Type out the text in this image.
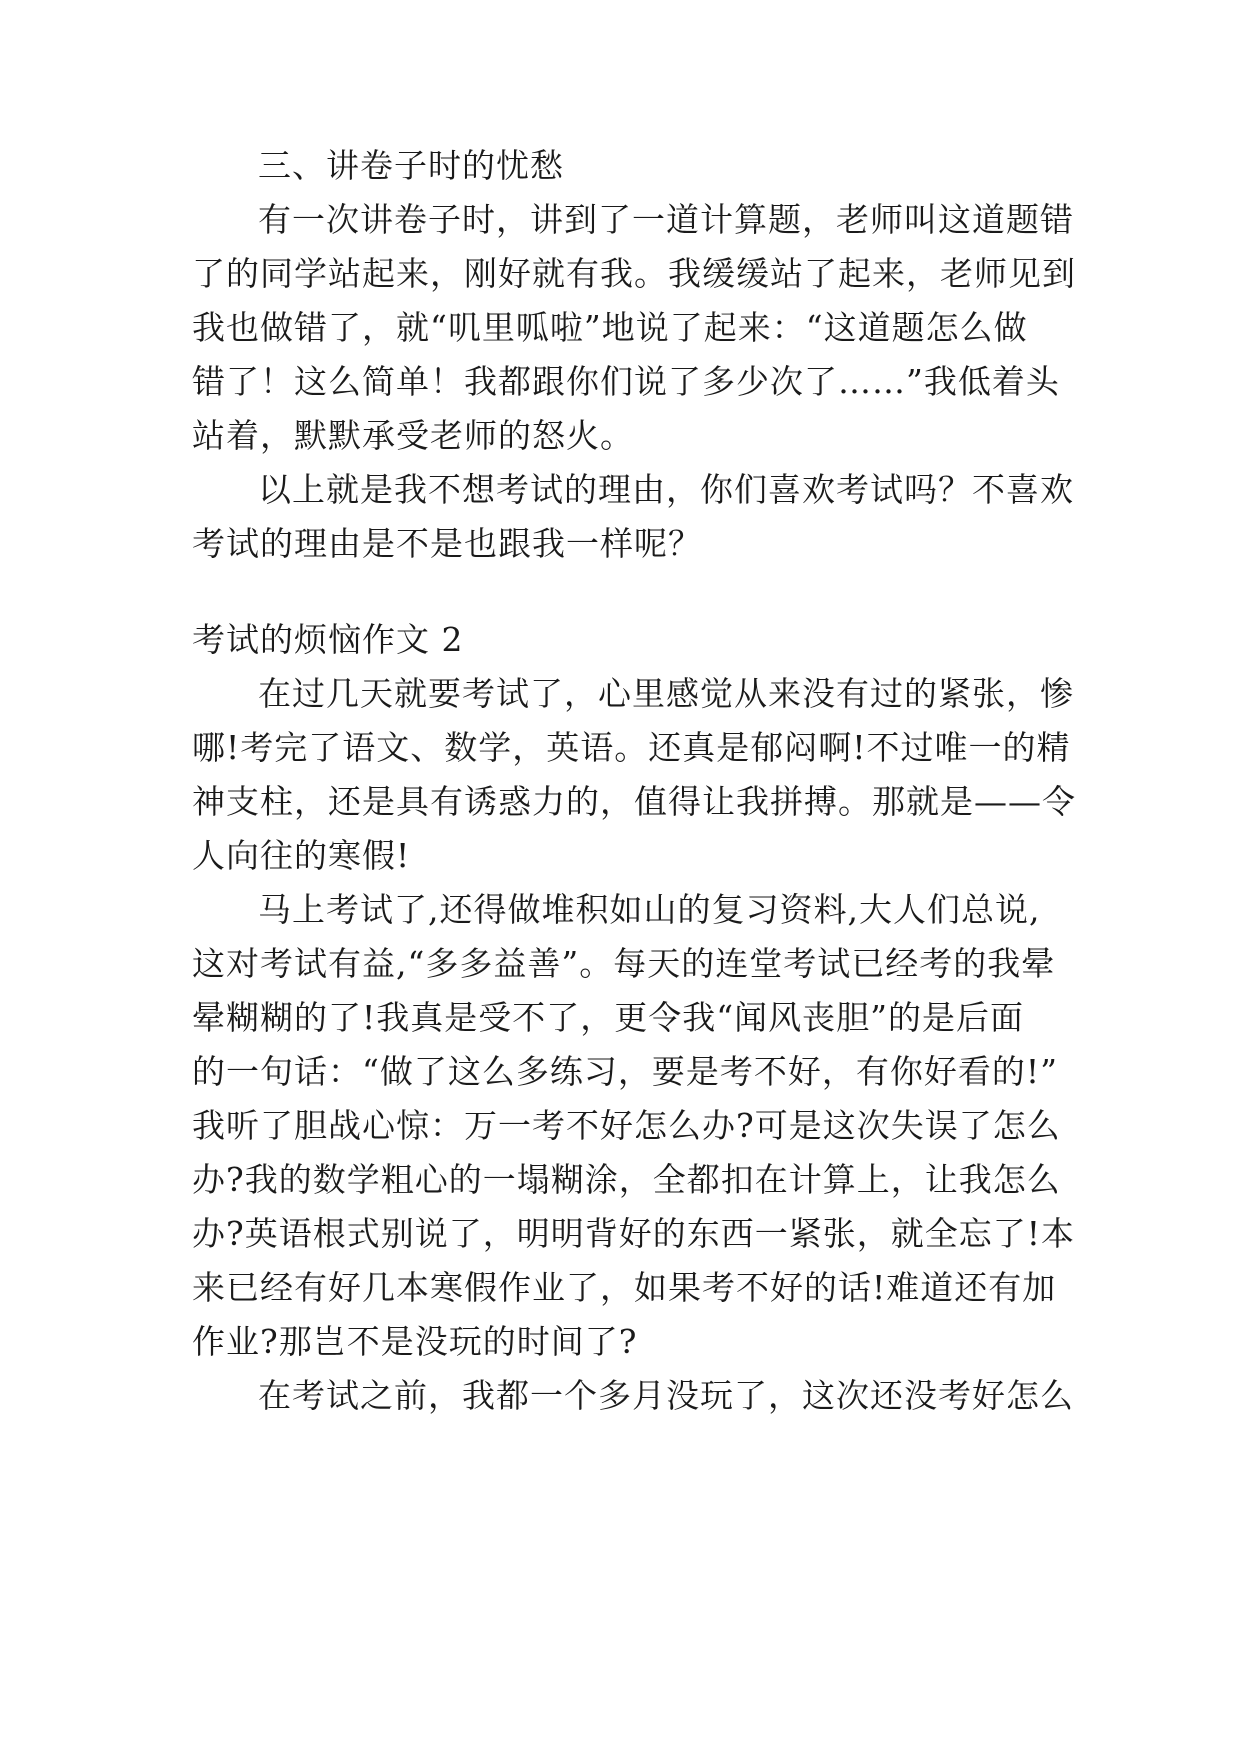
三、讲卷子时的忧愁
有一次讲卷子时，讲到了一道计算题，老师叫这道题错
了的同学站起来，刚好就有我。我缓缓站了起来，老师见到
我也做错了，就“叽里呱啦”地说了起来：“这道题怎么做
错了！这么简单！我都跟你们说了多少次了……”我低着头
站着，默默承受老师的怒火。
以上就是我不想考试的理由，你们喜欢考试吗？不喜欢
考试的理由是不是也跟我一样呢？
考试的烦恼作文 2
在过几天就要考试了，心里感觉从来没有过的紧张，惨
哪!考完了语文、数学，英语。还真是郁闷啊!不过唯一的精
神支柱，还是具有诱惑力的，值得让我拼搏。那就是——令
人向往的寒假!
马上考试了,还得做堆积如山的复习资料,大人们总说,
这对考试有益,“多多益善”。每天的连堂考试已经考的我晕
晕糊糊的了!我真是受不了，更令我“闻风丧胆”的是后面
的一句话：“做了这么多练习，要是考不好，有你好看的!”
我听了胆战心惊：万一考不好怎么办?可是这次失误了怎么
办?我的数学粗心的一塌糊涂，全都扣在计算上，让我怎么
办?英语根式别说了，明明背好的东西一紧张，就全忘了!本
来已经有好几本寒假作业了，如果考不好的话!难道还有加
作业?那岂不是没玩的时间了?
在考试之前，我都一个多月没玩了，这次还没考好怎么
